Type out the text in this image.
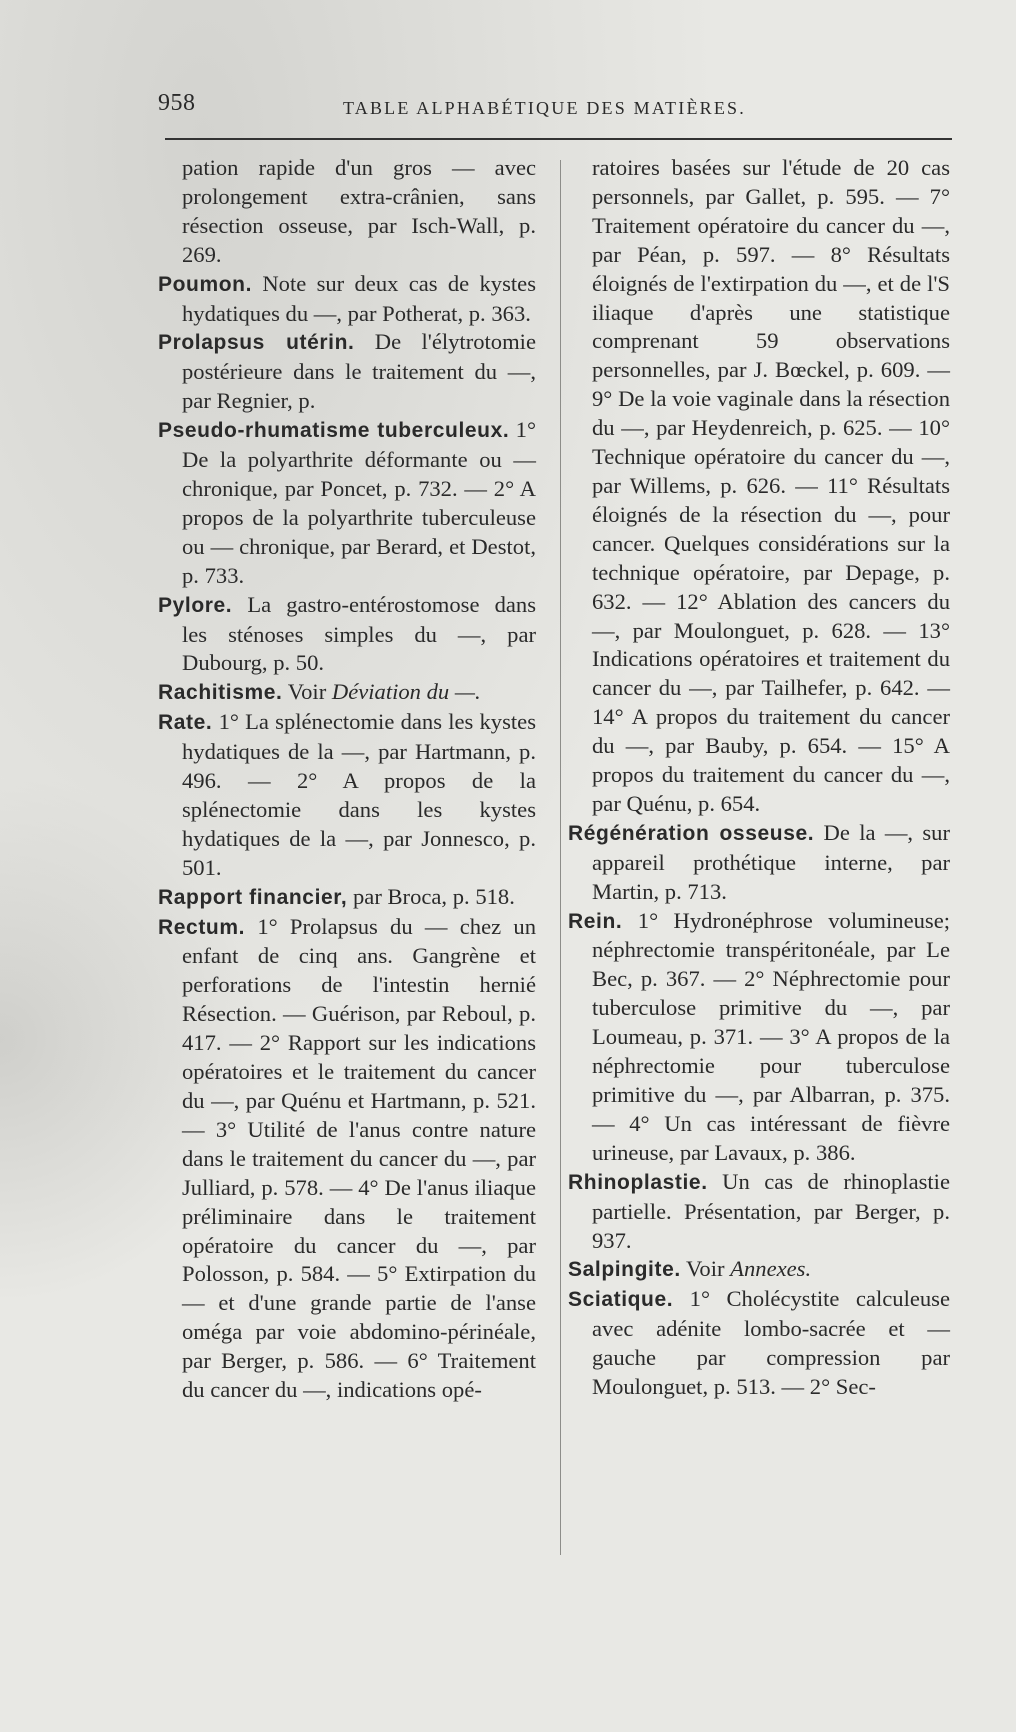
958	TABLE ALPHABÉTIQUE DES MATIÈRES.

pation rapide d'un gros — avec prolongement extra-crânien, sans résection osseuse, par Isch-Wall, p. 269.

Poumon. Note sur deux cas de kystes hydatiques du —, par Potherat, p. 363.

Prolapsus utérin. De l'élytrotomie postérieure dans le traitement du —, par Regnier, p.

Pseudo-rhumatisme tuberculeux. 1° De la polyarthrite déformante ou — chronique, par Poncet, p. 732. — 2° A propos de la polyarthrite tuberculeuse ou — chronique, par Berard, et Destot, p. 733.

Pylore. La gastro-entérostomose dans les sténoses simples du —, par Dubourg, p. 50.

Rachitisme. Voir Déviation du —.

Rate. 1° La splénectomie dans les kystes hydatiques de la —, par Hartmann, p. 496. — 2° A propos de la splénectomie dans les kystes hydatiques de la —, par Jonnesco, p. 501.

Rapport financier, par Broca, p. 518.

Rectum. 1° Prolapsus du — chez un enfant de cinq ans. Gangrène et perforations de l'intestin hernié Résection. — Guérison, par Reboul, p. 417. — 2° Rapport sur les indications opératoires et le traitement du cancer du —, par Quénu et Hartmann, p. 521. — 3° Utilité de l'anus contre nature dans le traitement du cancer du —, par Julliard, p. 578. — 4° De l'anus iliaque préliminaire dans le traitement opératoire du cancer du —, par Polosson, p. 584. — 5° Extirpation du — et d'une grande partie de l'anse oméga par voie abdomino-périnéale, par Berger, p. 586. — 6° Traitement du cancer du —, indications opé-

ratoires basées sur l'étude de 20 cas personnels, par Gallet, p. 595. — 7° Traitement opératoire du cancer du —, par Péan, p. 597. — 8° Résultats éloignés de l'extirpation du —, et de l'S iliaque d'après une statistique comprenant 59 observations personnelles, par J. Bœckel, p. 609. — 9° De la voie vaginale dans la résection du —, par Heydenreich, p. 625. — 10° Technique opératoire du cancer du —, par Willems, p. 626. — 11° Résultats éloignés de la résection du —, pour cancer. Quelques considérations sur la technique opératoire, par Depage, p. 632. — 12° Ablation des cancers du —, par Moulonguet, p. 628. — 13° Indications opératoires et traitement du cancer du —, par Tailhefer, p. 642. — 14° A propos du traitement du cancer du —, par Bauby, p. 654. — 15° A propos du traitement du cancer du —, par Quénu, p. 654.

Régénération osseuse. De la —, sur appareil prothétique interne, par Martin, p. 713.

Rein. 1° Hydronéphrose volumineuse; néphrectomie transpéritonéale, par Le Bec, p. 367. — 2° Néphrectomie pour tuberculose primitive du —, par Loumeau, p. 371. — 3° A propos de la néphrectomie pour tuberculose primitive du —, par Albarran, p. 375. — 4° Un cas intéressant de fièvre urineuse, par Lavaux, p. 386.

Rhinoplastie. Un cas de rhinoplastie partielle. Présentation, par Berger, p. 937.

Salpingite. Voir Annexes.

Sciatique. 1° Cholécystite calculeuse avec adénite lombo-sacrée et — gauche par compression par Moulonguet, p. 513. — 2° Sec-
